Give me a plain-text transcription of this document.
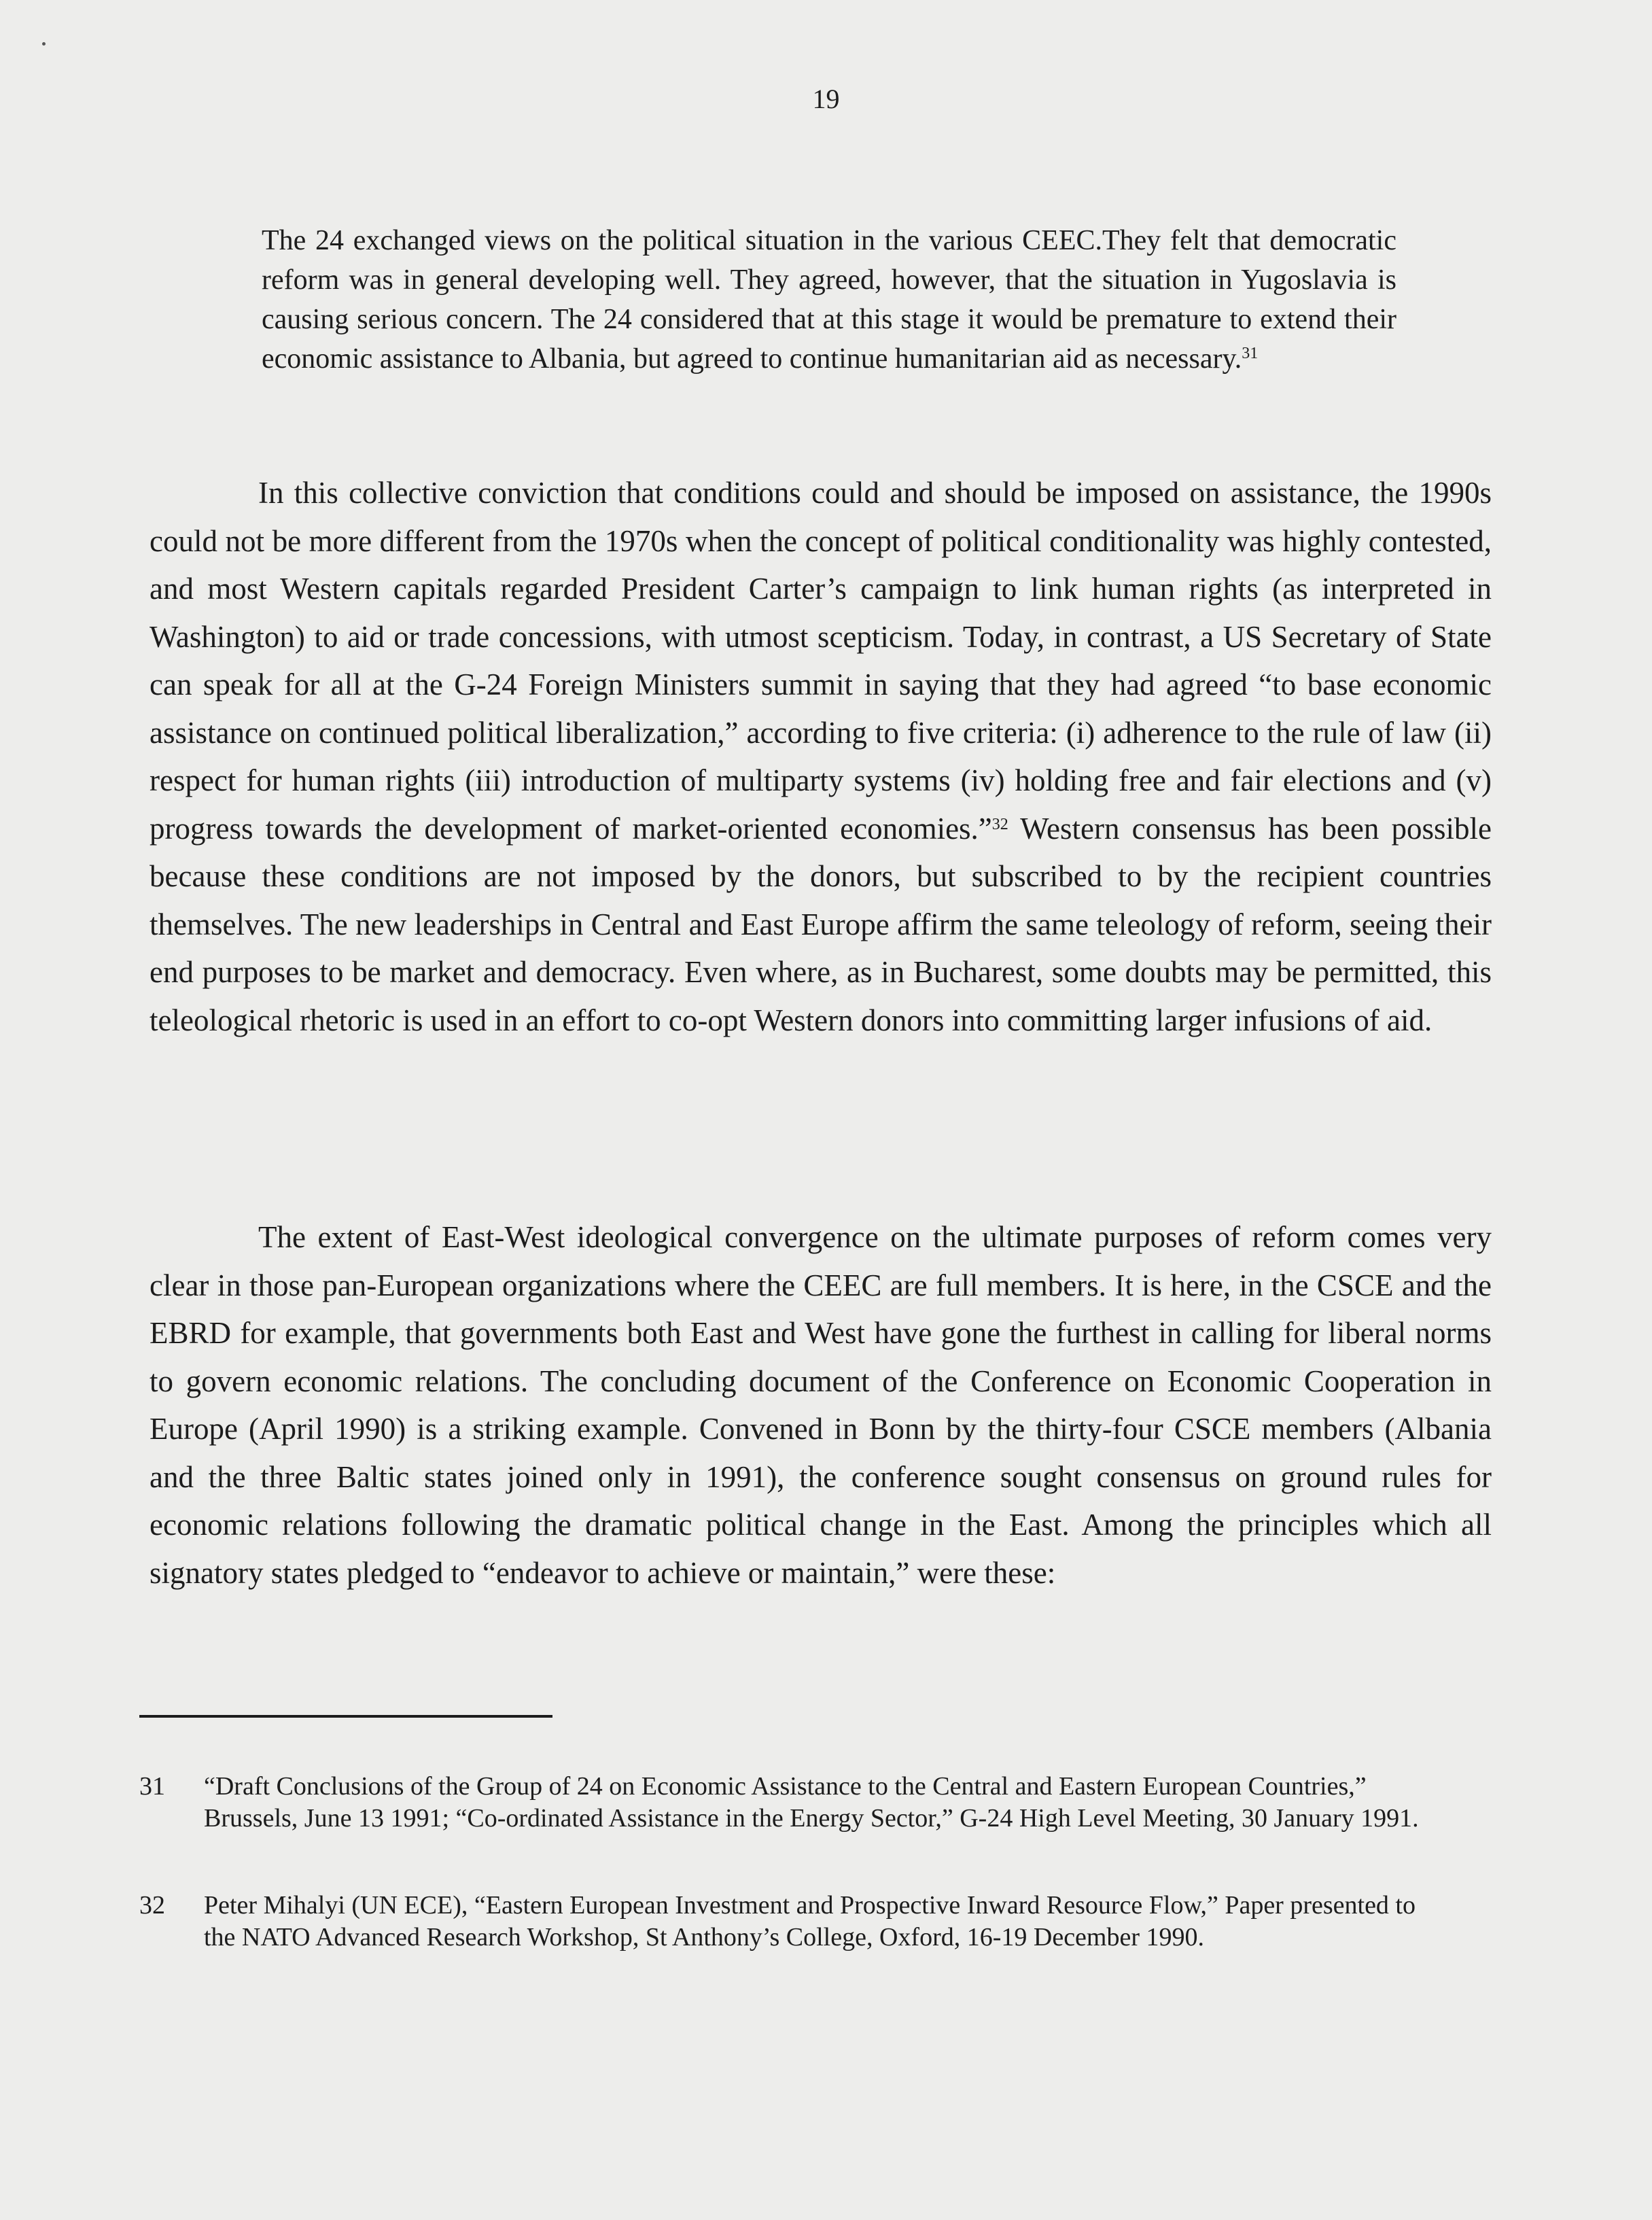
19
The 24 exchanged views on the political situation in the various CEEC.They felt that democratic reform was in general developing well. They agreed, however, that the situation in Yugoslavia is causing serious concern. The 24 considered that at this stage it would be premature to extend their economic assistance to Albania, but agreed to continue humanitarian aid as necessary.$^{31}$

In this collective conviction that conditions could and should be imposed on assistance, the 1990s could not be more different from the 1970s when the concept of political conditionality was highly contested, and most Western capitals regarded President Carter’s campaign to link human rights (as interpreted in Washington) to aid or trade concessions, with utmost scepticism. Today, in contrast, a US Secretary of State can speak for all at the G-24 Foreign Ministers summit in saying that they had agreed “to base economic assistance on continued political liberalization,” according to five criteria: (i) adherence to the rule of law (ii) respect for human rights (iii) introduction of multiparty systems (iv) holding free and fair elections and (v) progress towards the development of market-oriented economies.”$^{32}$ Western consensus has been possible because these conditions are not imposed by the donors, but subscribed to by the recipient countries themselves. The new leaderships in Central and East Europe affirm the same teleology of reform, seeing their end purposes to be market and democracy. Even where, as in Bucharest, some doubts may be permitted, this teleological rhetoric is used in an effort to co-opt Western donors into committing larger infusions of aid.

The extent of East-West ideological convergence on the ultimate purposes of reform comes very clear in those pan-European organizations where the CEEC are full members. It is here, in the CSCE and the EBRD for example, that governments both East and West have gone the furthest in calling for liberal norms to govern economic relations. The concluding document of the Conference on Economic Cooperation in Europe (April 1990) is a striking example. Convened in Bonn by the thirty-four CSCE members (Albania and the three Baltic states joined only in 1991), the conference sought consensus on ground rules for economic relations following the dramatic political change in the East. Among the principles which all signatory states pledged to “endeavor to achieve or maintain,” were these:

31 “Draft Conclusions of the Group of 24 on Economic Assistance to the Central and Eastern European Countries,” Brussels, June 13 1991; “Co-ordinated Assistance in the Energy Sector,” G-24 High Level Meeting, 30 January 1991.
32 Peter Mihalyi (UN ECE), “Eastern European Investment and Prospective Inward Resource Flow,” Paper presented to the NATO Advanced Research Workshop, St Anthony’s College, Oxford, 16-19 December 1990.
